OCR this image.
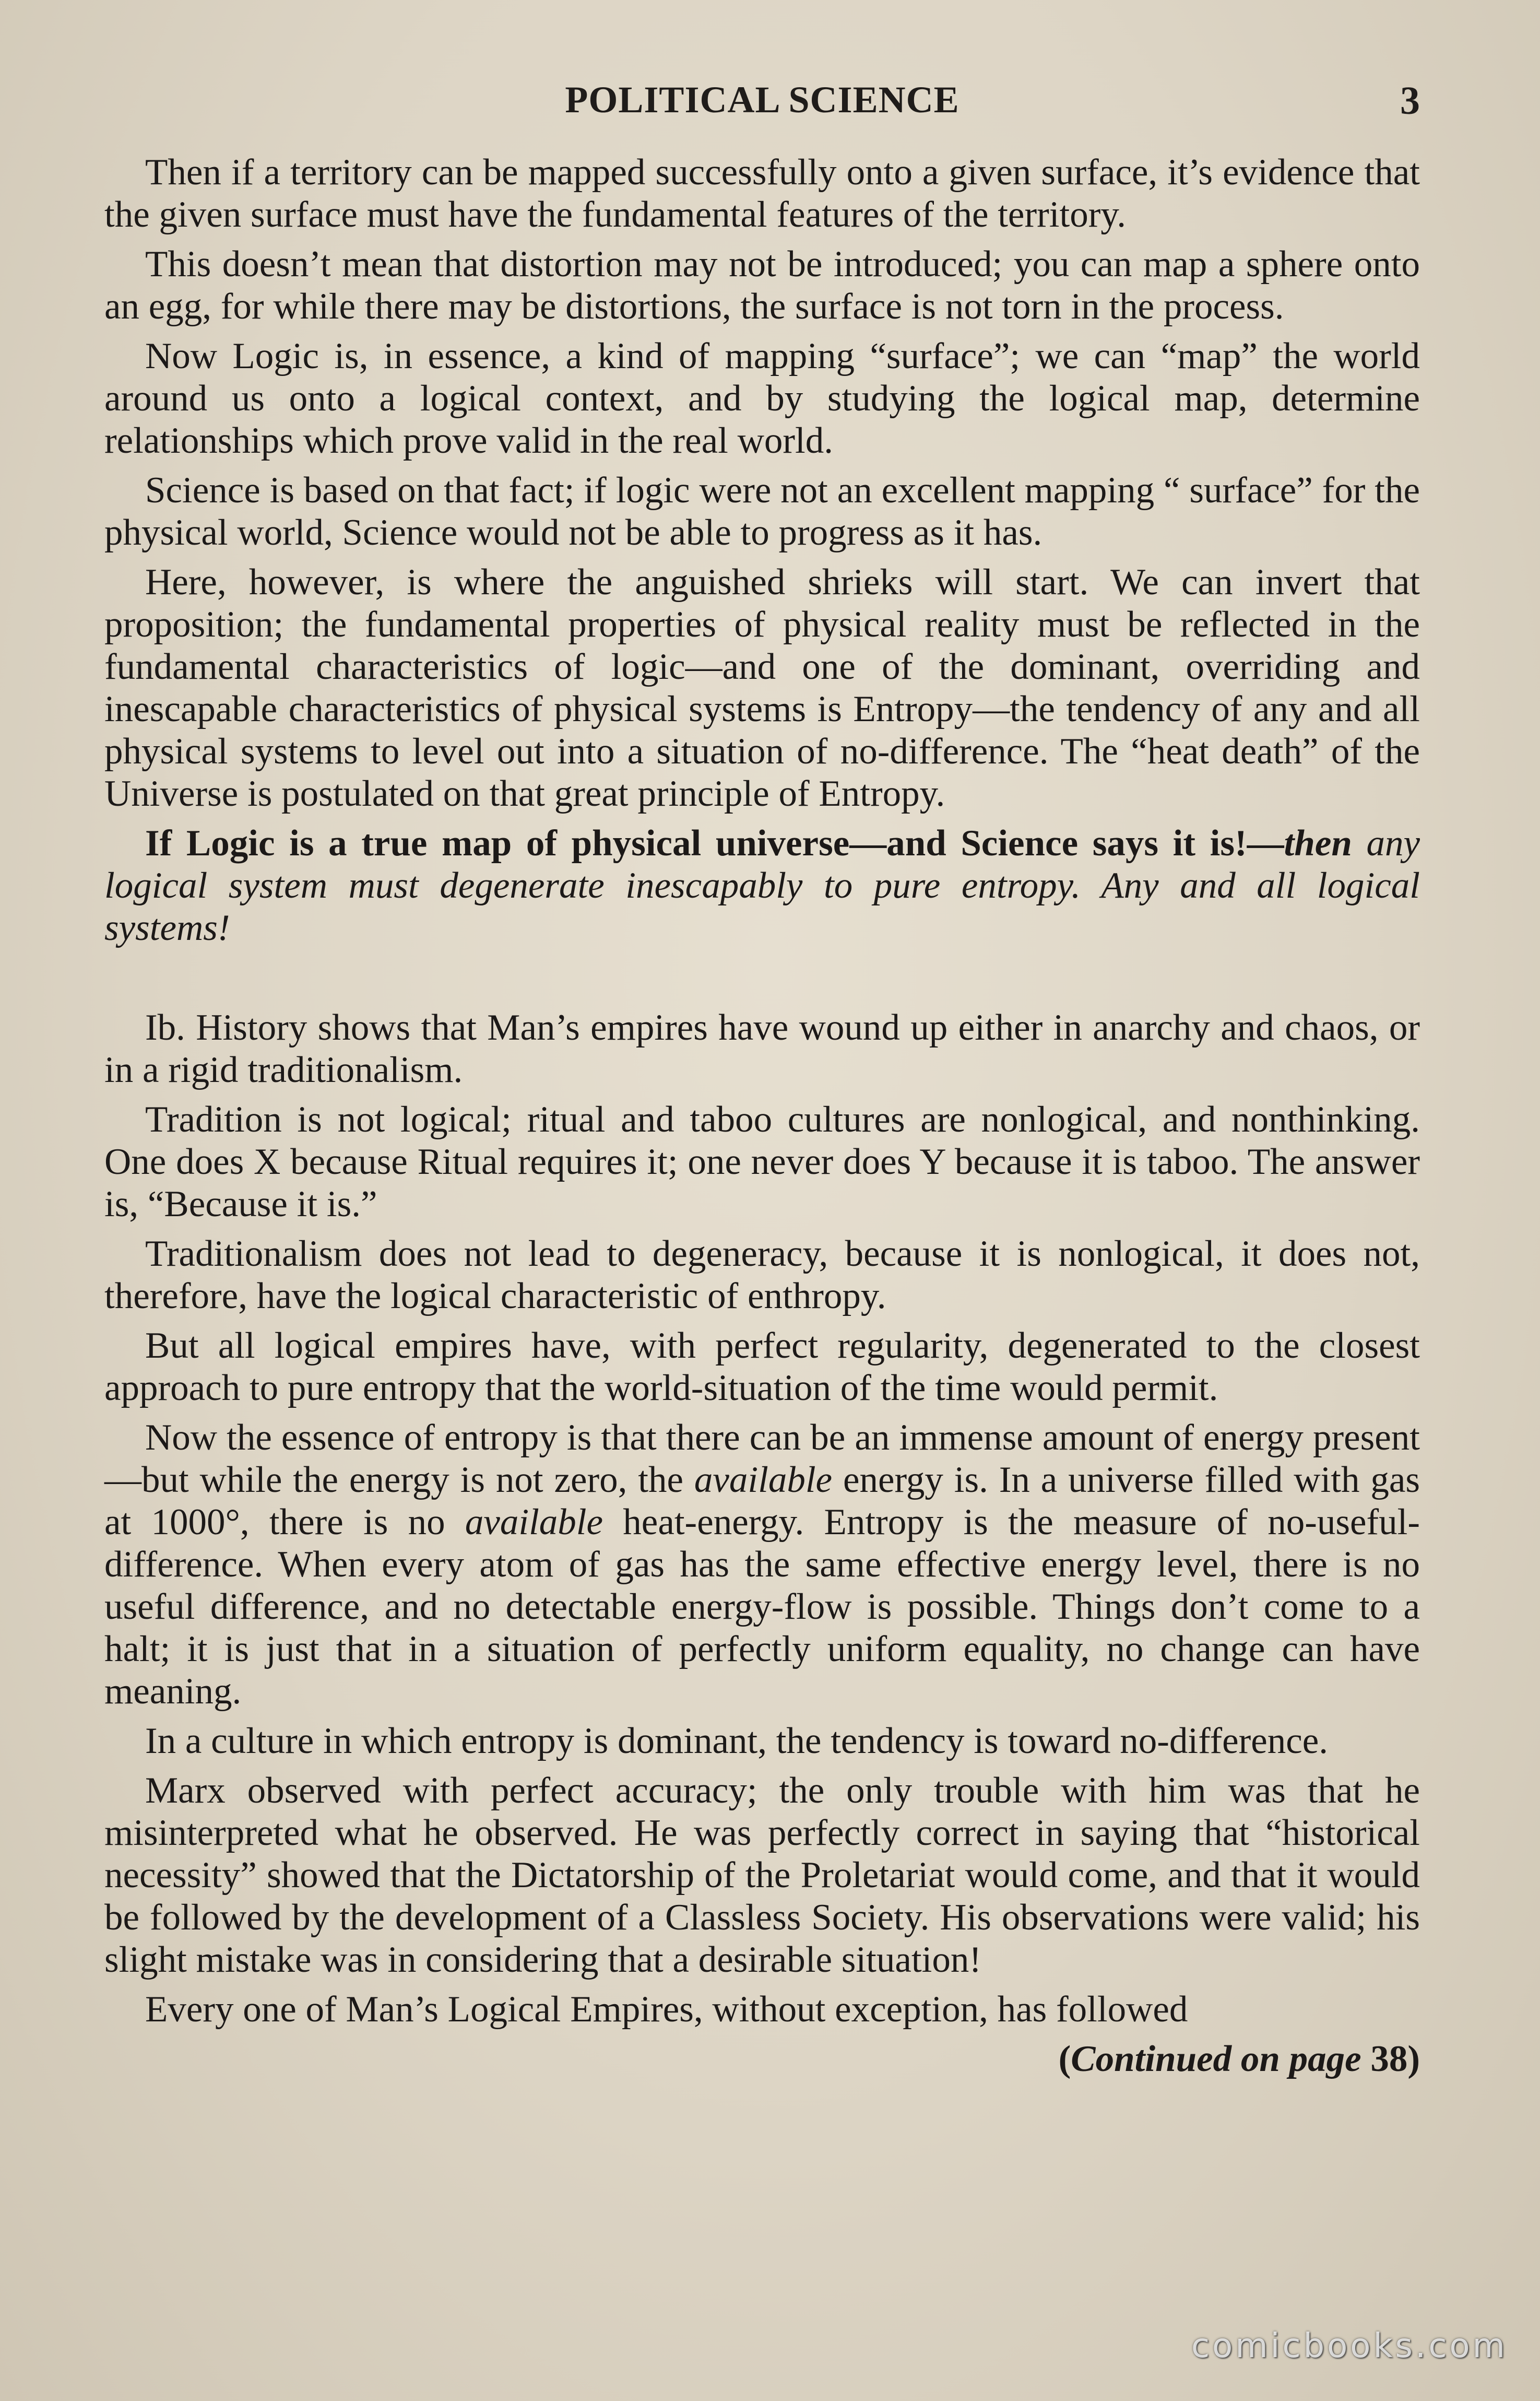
POLITICAL SCIENCE	3

Then if a territory can be mapped successfully onto a given surface, it’s evidence that the given surface must have the fundamental features of the territory.

This doesn’t mean that distortion may not be introduced; you can map a sphere onto an egg, for while there may be distortions, the surface is not torn in the process.

Now Logic is, in essence, a kind of mapping “surface”; we can “map” the world around us onto a logical context, and by studying the logical map, determine relationships which prove valid in the real world.

Science is based on that fact; if logic were not an excellent mapping “ surface” for the physical world, Science would not be able to progress as it has.

Here, however, is where the anguished shrieks will start. We can invert that proposition; the fundamental properties of physical reality must be reflected in the fundamental characteristics of logic—and one of the dominant, overriding and inescapable characteristics of physical systems is Entropy—the tendency of any and all physical systems to level out into a situation of no-difference. The “heat death” of the Universe is postulated on that great principle of Entropy.

If Logic is a true map of physical universe—and Science says it is!—then any logical system must degenerate inescapably to pure entropy. Any and all logical systems!

Ib. History shows that Man’s empires have wound up either in anarchy and chaos, or in a rigid traditionalism.

Tradition is not logical; ritual and taboo cultures are nonlogical, and nonthinking. One does X because Ritual requires it; one never does Y because it is taboo. The answer is, “Because it is.”

Traditionalism does not lead to degeneracy, because it is nonlogical, it does not, therefore, have the logical characteristic of enthropy.

But all logical empires have, with perfect regularity, degenerated to the closest approach to pure entropy that the world-situation of the time would permit.

Now the essence of entropy is that there can be an immense amount of energy present—but while the energy is not zero, the available energy is. In a universe filled with gas at 1000°, there is no available heat-energy. Entropy is the measure of no-useful-difference. When every atom of gas has the same effective energy level, there is no useful difference, and no detectable energy-flow is possible. Things don’t come to a halt; it is just that in a situation of perfectly uniform equality, no change can have meaning.

In a culture in which entropy is dominant, the tendency is toward no-difference.

Marx observed with perfect accuracy; the only trouble with him was that he misinterpreted what he observed. He was perfectly correct in saying that “historical necessity” showed that the Dictatorship of the Proletariat would come, and that it would be followed by the development of a Classless Society. His observations were valid; his slight mistake was in considering that a desirable situation!

Every one of Man’s Logical Empires, without exception, has followed

(Continued on page 38)

comicbooks.com
